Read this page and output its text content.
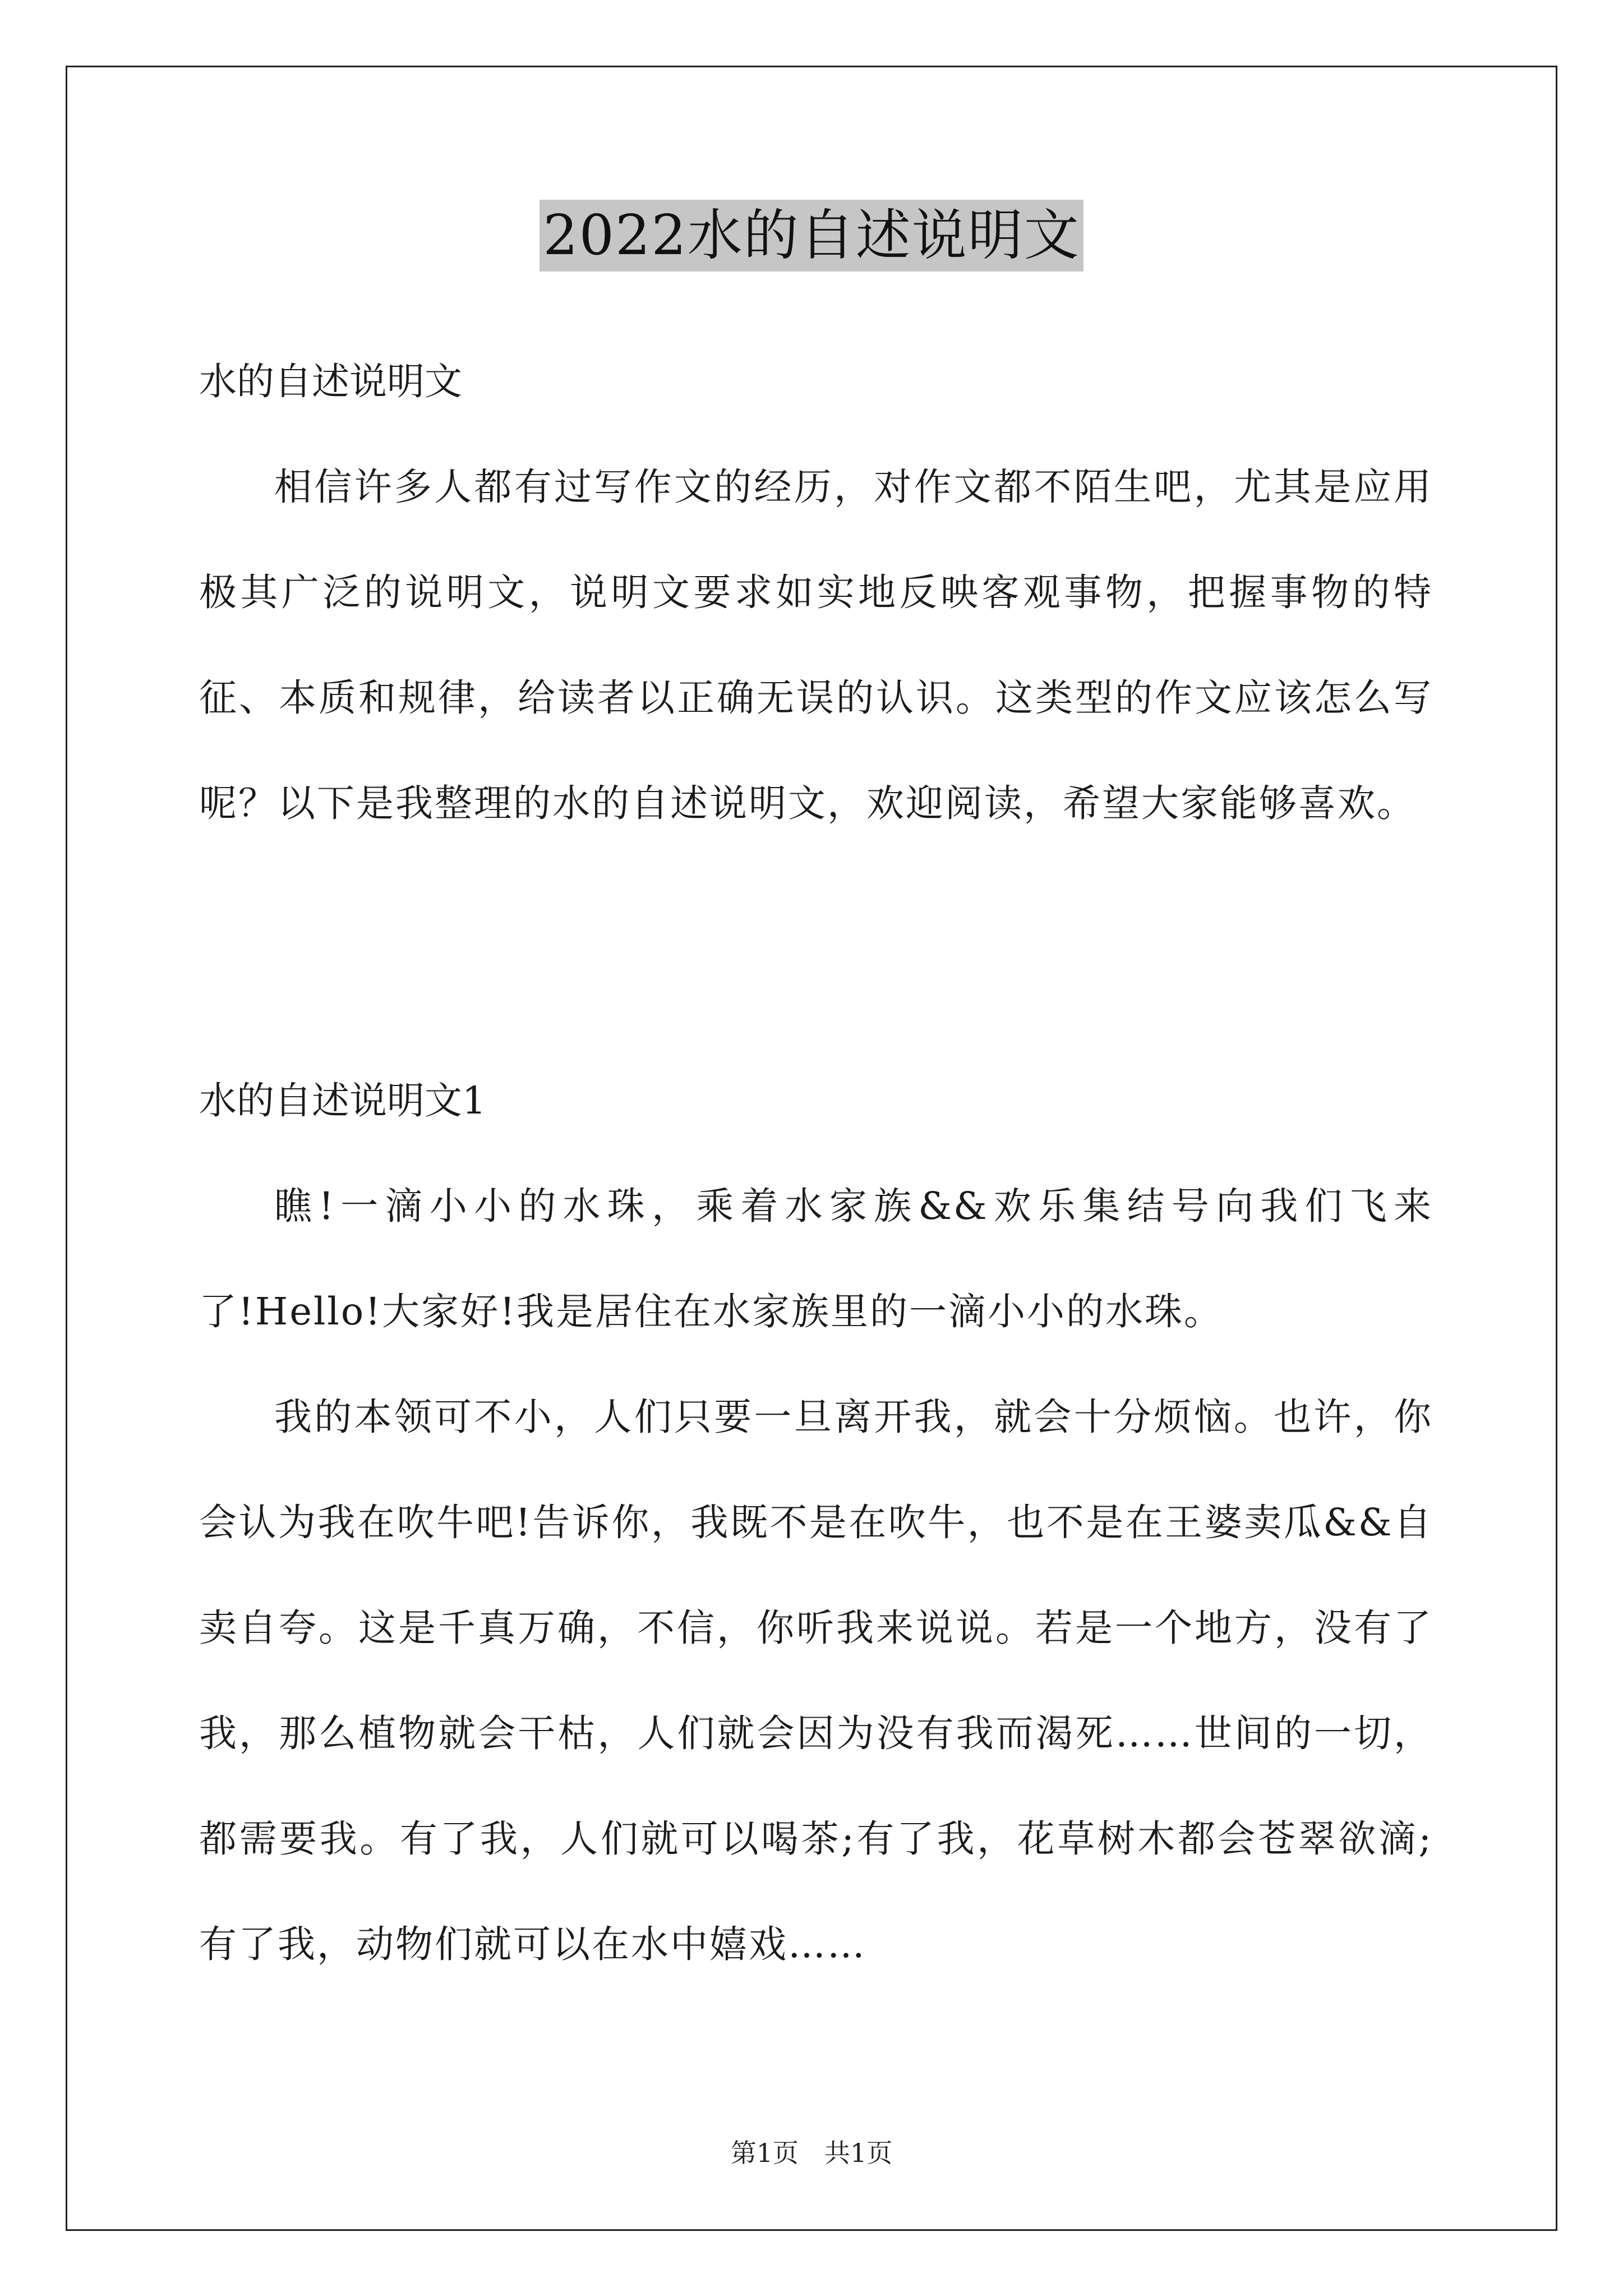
2022水的自述说明文

水的自述说明文

相信许多人都有过写作文的经历，对作文都不陌生吧，尤其是应用极其广泛的说明文，说明文要求如实地反映客观事物，把握事物的特征、本质和规律，给读者以正确无误的认识。这类型的作文应该怎么写呢？以下是我整理的水的自述说明文，欢迎阅读，希望大家能够喜欢。

水的自述说明文1

瞧!一滴小小的水珠，乘着水家族&&欢乐集结号向我们飞来了!Hello!大家好!我是居住在水家族里的一滴小小的水珠。

我的本领可不小，人们只要一旦离开我，就会十分烦恼。也许，你会认为我在吹牛吧!告诉你，我既不是在吹牛，也不是在王婆卖瓜&&自卖自夸。这是千真万确，不信，你听我来说说。若是一个地方，没有了我，那么植物就会干枯，人们就会因为没有我而渴死……世间的一切，都需要我。有了我，人们就可以喝茶;有了我，花草树木都会苍翠欲滴;有了我，动物们就可以在水中嬉戏……

第1页 共1页
